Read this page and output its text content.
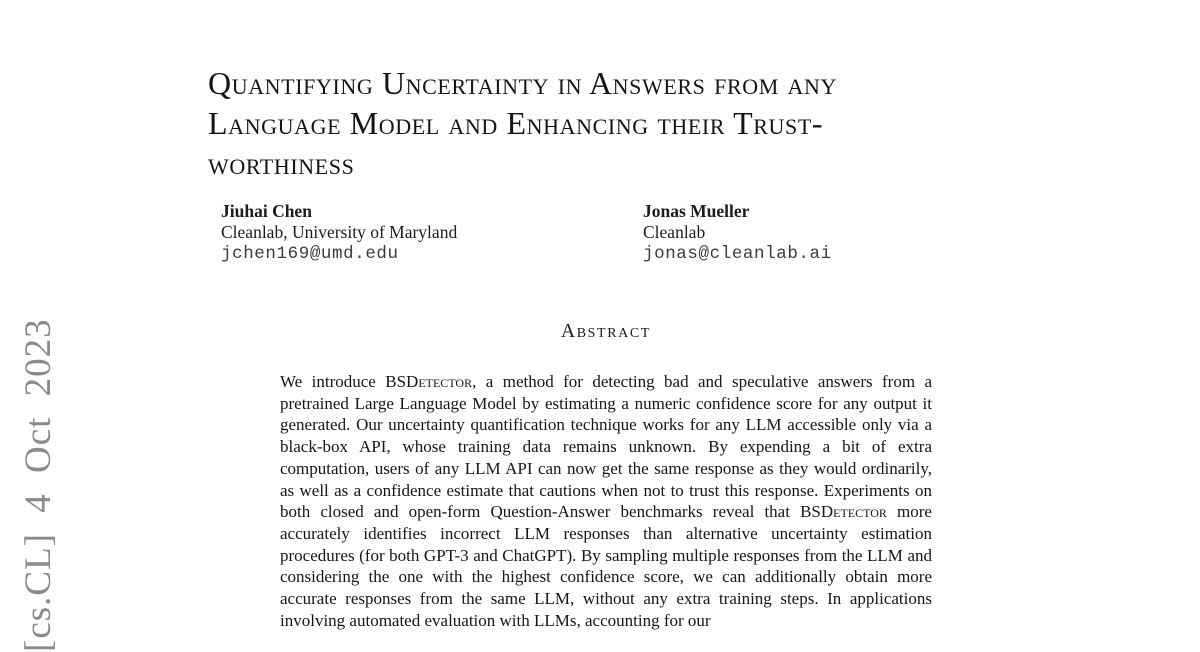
[cs.CL] 4 Oct 2023
Quantifying Uncertainty in Answers from any
Language Model and Enhancing their Trust-
worthiness
Jiuhai Chen
Cleanlab, University of Maryland
jchen169@umd.edu
Jonas Mueller
Cleanlab
jonas@cleanlab.ai
Abstract
We introduce BSDetector, a method for detecting bad and speculative answers from a pretrained Large Language Model by estimating a numeric confidence score for any output it generated. Our uncertainty quantification technique works for any LLM accessible only via a black-box API, whose training data remains unknown. By expending a bit of extra computation, users of any LLM API can now get the same response as they would ordinarily, as well as a confidence estimate that cautions when not to trust this response. Experiments on both closed and open-form Question-Answer benchmarks reveal that BSDetector more accurately identifies incorrect LLM responses than alternative uncertainty estimation procedures (for both GPT-3 and ChatGPT). By sampling multiple responses from the LLM and considering the one with the highest confidence score, we can additionally obtain more accurate responses from the same LLM, without any extra training steps. In applications involving automated evaluation with LLMs, accounting for our
